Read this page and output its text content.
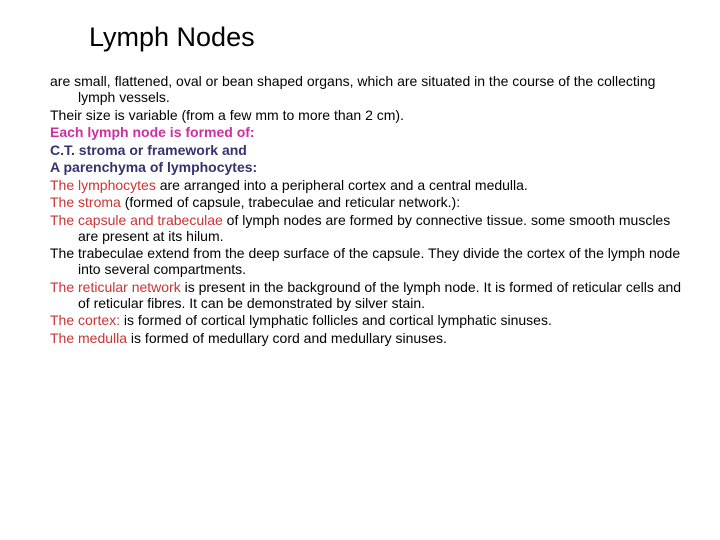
Lymph Nodes

are small, flattened, oval or bean shaped organs, which are situated in the course of the collecting lymph vessels.

Their size is variable (from a few mm to more than 2 cm).

Each lymph node is formed of:

C.T. stroma or framework and

A parenchyma of lymphocytes:

The lymphocytes are arranged into a peripheral cortex and a central medulla.

The stroma (formed of capsule, trabeculae and reticular network.):

The capsule and trabeculae of lymph nodes are formed by connective tissue. some smooth muscles are present at its hilum.

The trabeculae extend from the deep surface of the capsule. They divide the cortex of the lymph node into several compartments.

The reticular network is present in the background of the lymph node. It is formed of reticular cells and of reticular fibres. It can be demonstrated by silver stain.

The cortex: is formed of cortical lymphatic follicles and cortical lymphatic sinuses.

The medulla is formed of medullary cord and medullary sinuses.
